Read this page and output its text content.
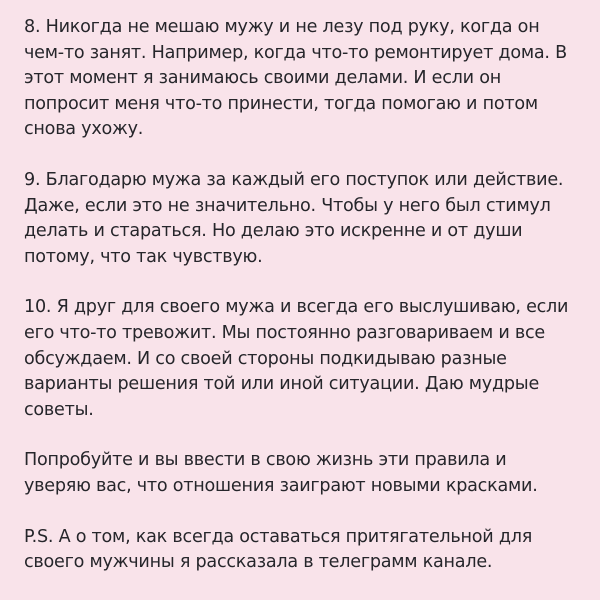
8. Никогда не мешаю мужу и не лезу под руку, когда он
чем-то занят. Например, когда что-то ремонтирует дома. В
этот момент я занимаюсь своими делами. И если он
попросит меня что-то принести, тогда помогаю и потом
снова ухожу.

9. Благодарю мужа за каждый его поступок или действие.
Даже, если это не значительно. Чтобы у него был стимул
делать и стараться. Но делаю это искренне и от души
потому, что так чувствую.

10. Я друг для своего мужа и всегда его выслушиваю, если
его что-то тревожит. Мы постоянно разговариваем и все
обсуждаем. И со своей стороны подкидываю разные
варианты решения той или иной ситуации. Даю мудрые
советы.

Попробуйте и вы ввести в свою жизнь эти правила и
уверяю вас, что отношения заиграют новыми красками.

P.S. А о том, как всегда оставаться притягательной для
своего мужчины я рассказала в телеграмм канале.
